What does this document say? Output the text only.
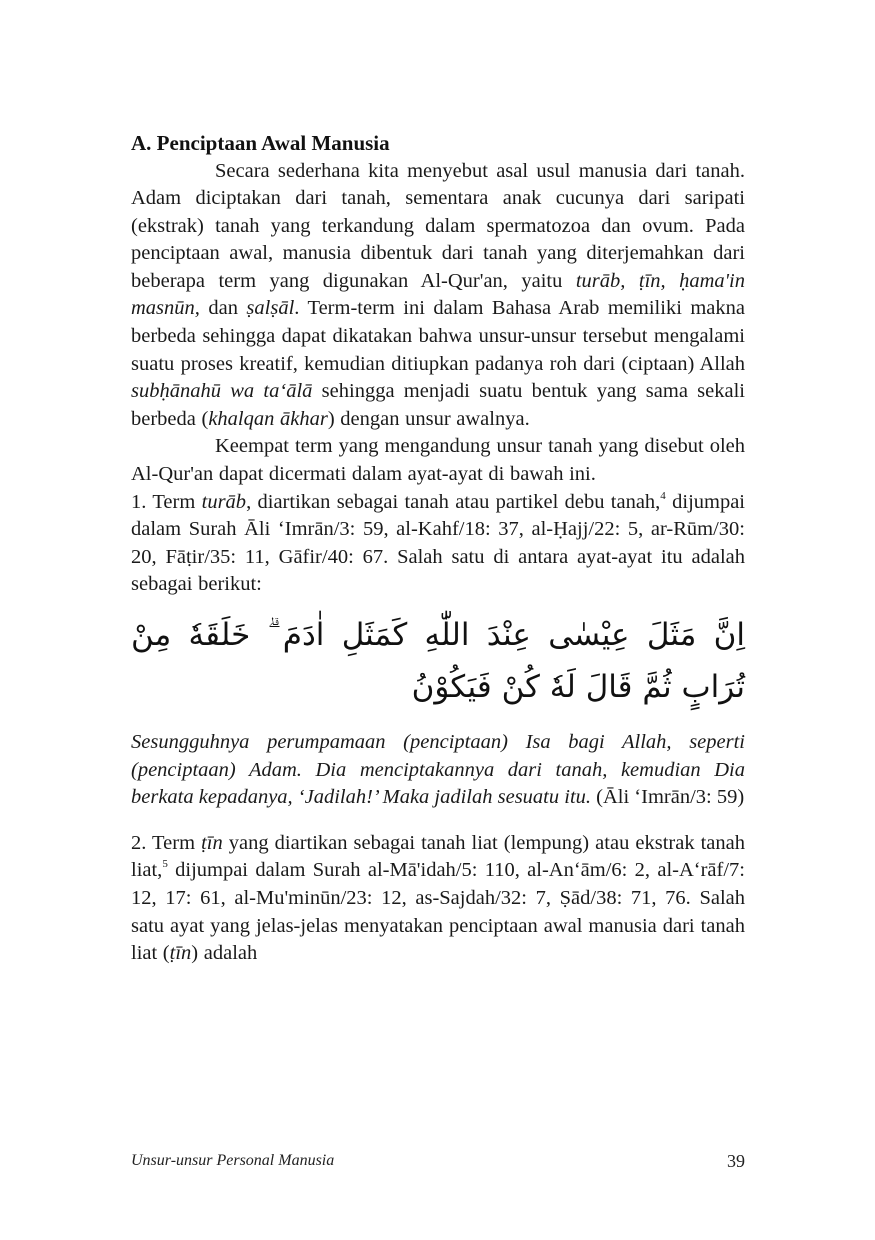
A. Penciptaan Awal Manusia

Secara sederhana kita menyebut asal usul manusia dari tanah. Adam diciptakan dari tanah, sementara anak cucunya dari saripati (ekstrak) tanah yang terkandung dalam spermatozoa dan ovum. Pada penciptaan awal, manusia dibentuk dari tanah yang diterjemahkan dari beberapa term yang digunakan Al-Qur'an, yaitu turāb, ṭīn, ḥama'in masnūn, dan ṣalṣāl. Term-term ini dalam Bahasa Arab memiliki makna berbeda sehingga dapat dikatakan bahwa unsur-unsur tersebut mengalami suatu proses kreatif, kemudian ditiupkan padanya roh dari (ciptaan) Allah subḥānahū wa ta‘ālā sehingga menjadi suatu bentuk yang sama sekali berbeda (khalqan ākhar) dengan unsur awalnya.

Keempat term yang mengandung unsur tanah yang disebut oleh Al-Qur'an dapat dicermati dalam ayat-ayat di bawah ini.

1. Term turāb, diartikan sebagai tanah atau partikel debu tanah,$^4$ dijumpai dalam Surah Āli ‘Imrān/3: 59, al-Kahf/18: 37, al-Ḥajj/22: 5, ar-Rūm/30: 20, Fāṭir/35: 11, Gāfir/40: 67. Salah satu di antara ayat-ayat itu adalah sebagai berikut:

اِنَّ مَثَلَ عِيْسٰى عِنْدَ اللّٰهِ كَمَثَلِ اٰدَمَ ۗ خَلَقَهٗ مِنْ تُرَابٍ ثُمَّ قَالَ لَهٗ كُنْ فَيَكُوْنُ

Sesungguhnya perumpamaan (penciptaan) Isa bagi Allah, seperti (penciptaan) Adam. Dia menciptakannya dari tanah, kemudian Dia berkata kepadanya, ‘Jadilah!’ Maka jadilah sesuatu itu. (Āli ‘Imrān/3: 59)

2. Term ṭīn yang diartikan sebagai tanah liat (lempung) atau ekstrak tanah liat,$^5$ dijumpai dalam Surah al-Mā'idah/5: 110, al-An‘ām/6: 2, al-A‘rāf/7: 12, 17: 61, al-Mu'minūn/23: 12, as-Sajdah/32: 7, Ṣād/38: 71, 76. Salah satu ayat yang jelas-jelas menyatakan penciptaan awal manusia dari tanah liat (ṭīn) adalah

Unsur-unsur Personal Manusia	39
